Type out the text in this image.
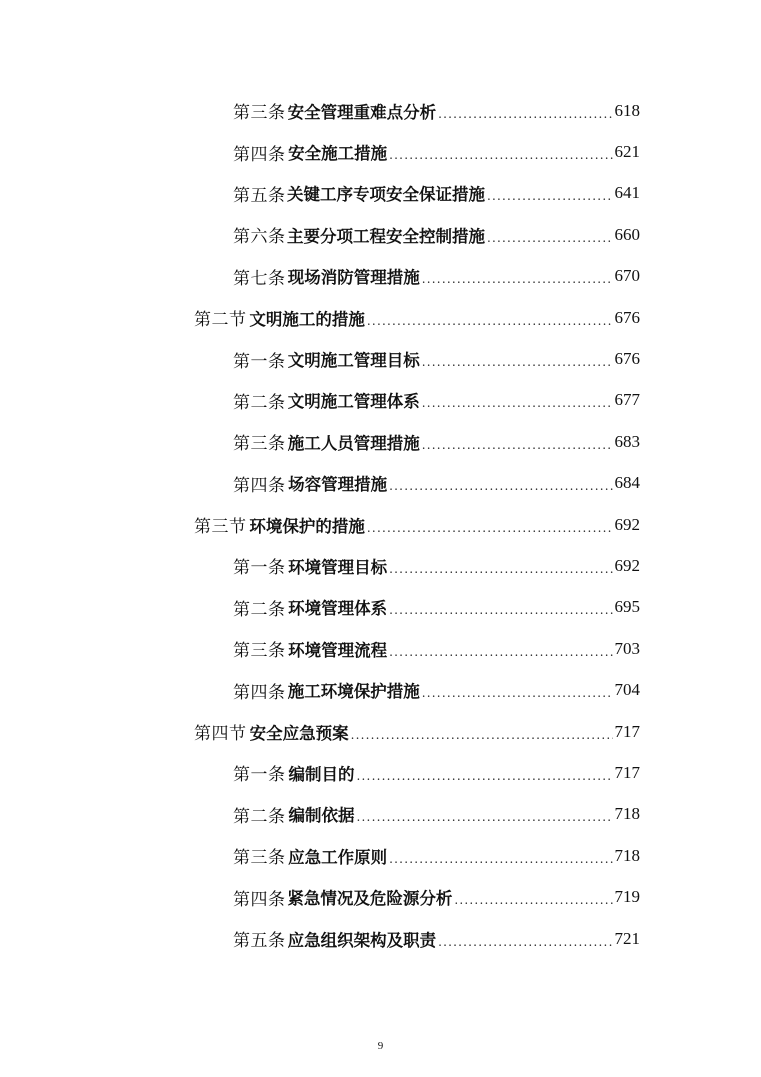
第三条 安全管理重难点分析 .....	618
第四条 安全施工措施 .....	621
第五条 关键工序专项安全保证措施 .....	641
第六条 主要分项工程安全控制措施 .....	660
第七条 现场消防管理措施 .....	670
第二节 文明施工的措施 .....	676
第一条 文明施工管理目标 .....	676
第二条 文明施工管理体系 .....	677
第三条 施工人员管理措施 .....	683
第四条 场容管理措施 .....	684
第三节 环境保护的措施 .....	692
第一条 环境管理目标 .....	692
第二条 环境管理体系 .....	695
第三条 环境管理流程 .....	703
第四条 施工环境保护措施 .....	704
第四节 安全应急预案 .....	717
第一条 编制目的 .....	717
第二条 编制依据 .....	718
第三条 应急工作原则 .....	718
第四条 紧急情况及危险源分析 .....	719
第五条 应急组织架构及职责 .....	721
9
